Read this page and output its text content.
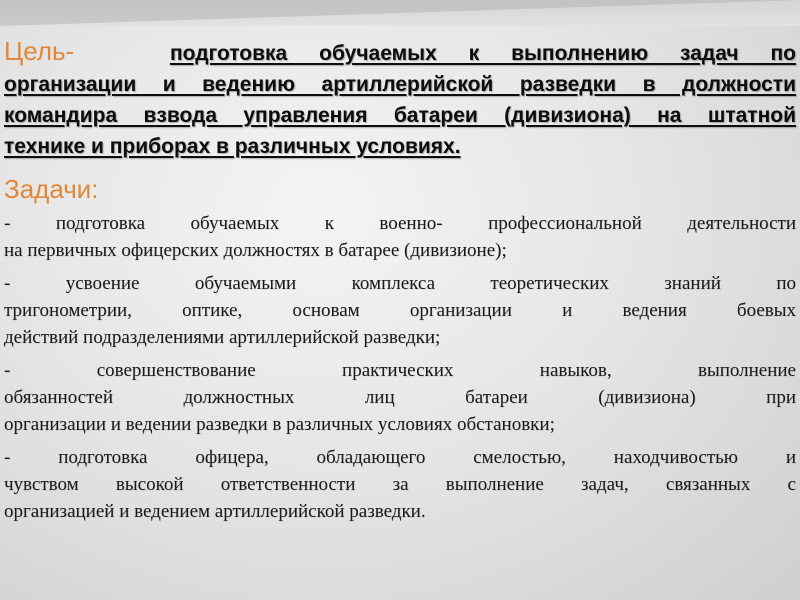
Цель-	подготовка обучаемых к выполнению задач по

организации и ведению артиллерийской разведки в должности

командира взвода управления батареи (дивизиона) на штатной

технике и приборах в различных условиях.

Задачи:
- подготовка обучаемых к военно- профессиональной деятельности
на первичных офицерских должностях в батарее (дивизионе);
- усвоение обучаемыми комплекса теоретических знаний по
тригонометрии, оптике, основам организации и ведения боевых
действий подразделениями артиллерийской разведки;
- совершенствование практических навыков, выполнение
обязанностей должностных лиц батареи (дивизиона) при
организации и ведении разведки в различных условиях обстановки;
- подготовка офицера, обладающего смелостью, находчивостью и
чувством высокой ответственности за выполнение задач, связанных с
организацией и ведением артиллерийской разведки.
